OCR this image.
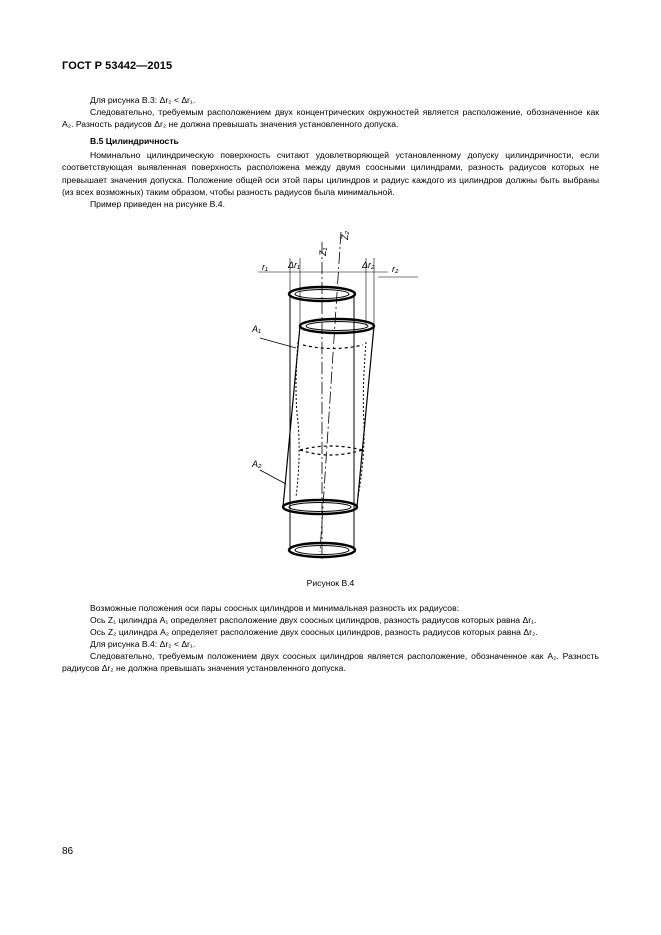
ГОСТ Р 53442—2015

Для рисунка В.3: Δr₂ < Δr₁.

Следовательно, требуемым расположением двух концентрических окружностей является расположение, обозначенное как A₂. Разность радиусов Δr₂ не должна превышать значения установленного допуска.

В.5 Цилиндричность

Номинально цилиндрическую поверхность считают удовлетворяющей установленному допуску цилиндричности, если соответствующая выявленная поверхность расположена между двумя соосными цилиндрами, разность радиусов которых не превышает значения допуска. Положение общей оси этой пары цилиндров и радиус каждого из цилиндров должны быть выбраны (из всех возможных) таким образом, чтобы разность радиусов была минимальной.

Пример приведен на рисунке В.4.

r₁ Δr₁
Z₁
Z₂
Δr₂ r₂
A₁
A₂
Рисунок В.4

Возможные положения оси пары соосных цилиндров и минимальная разность их радиусов:

Ось Z₁ цилиндра A₁ определяет расположение двух соосных цилиндров, разность радиусов которых равна Δr₁.

Ось Z₂ цилиндра A₂ определяет расположение двух соосных цилиндров, разность радиусов которых равна Δr₂.

Для рисунка В.4: Δr₂ < Δr₁.

Следовательно, требуемым положением двух соосных цилиндров является расположение, обозначенное как A₂. Разность радиусов Δr₂ не должна превышать значения установленного допуска.

86
